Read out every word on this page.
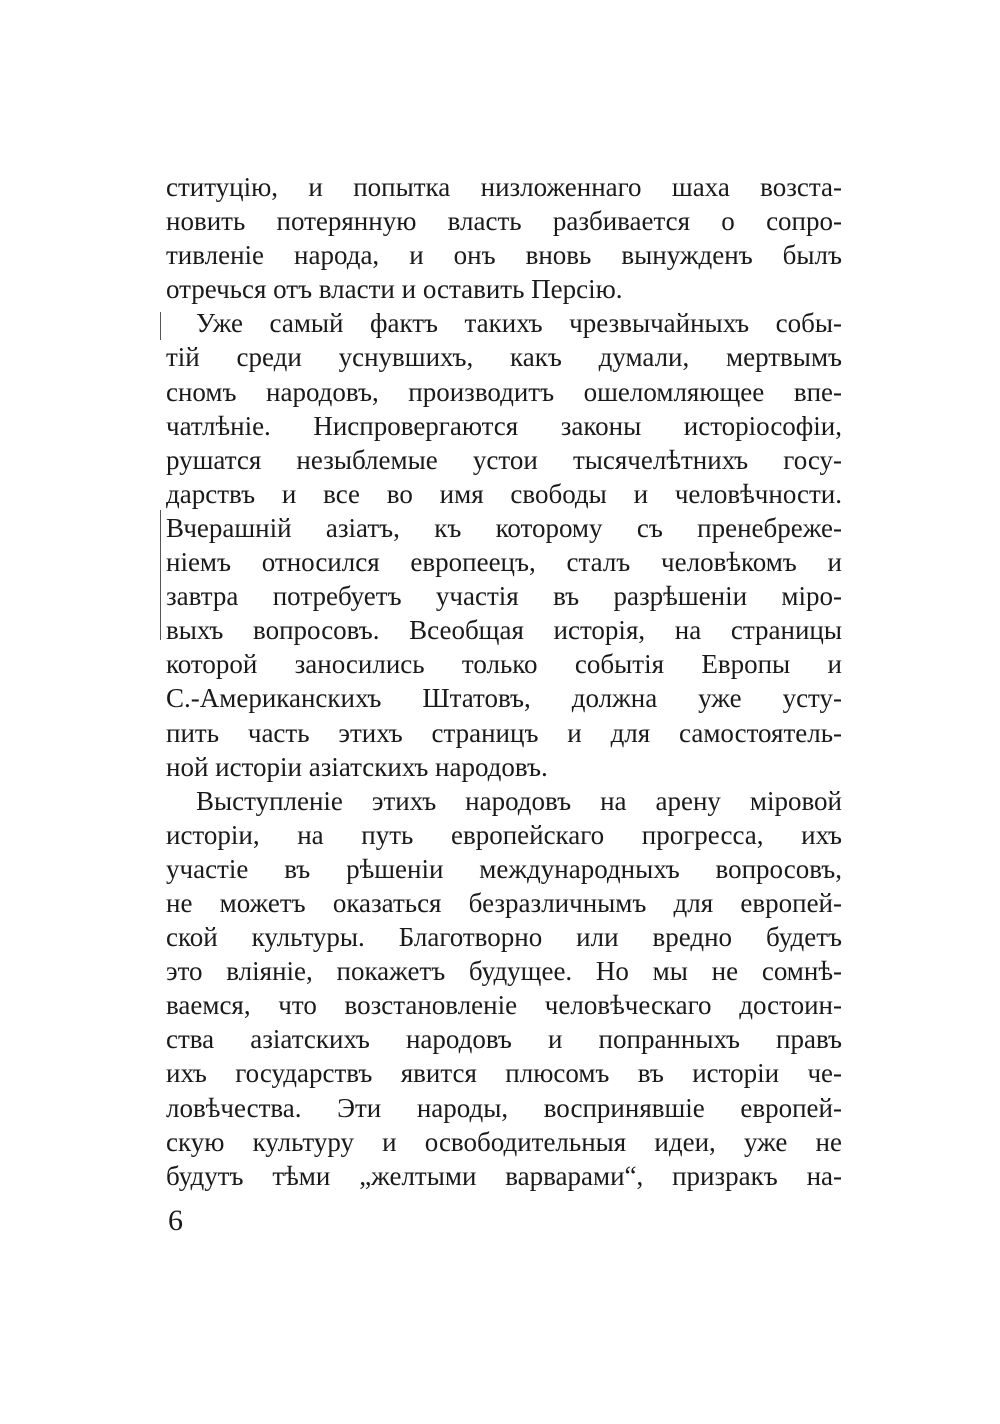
ституцію, и попытка низложеннаго шаха возста-
новить потерянную власть разбивается о сопро-
тивленіе народа, и онъ вновь вынужденъ былъ
отречься отъ власти и оставить Персію.
Уже самый фактъ такихъ чрезвычайныхъ собы-
тій среди уснувшихъ, какъ думали, мертвымъ
сномъ народовъ, производитъ ошеломляющее впе-
чатлѣніе. Ниспровергаются законы исторіософіи,
рушатся незыблемые устои тысячелѣтнихъ госу-
дарствъ и все во имя свободы и человѣчности.
Вчерашній азіатъ, къ которому съ пренебреже-
ніемъ относился европеецъ, сталъ человѣкомъ и
завтра потребуетъ участія въ разрѣшеніи міро-
выхъ вопросовъ. Всеобщая исторія, на страницы
которой заносились только событія Европы и
С.-Американскихъ Штатовъ, должна уже усту-
пить часть этихъ страницъ и для самостоятель-
ной исторіи азіатскихъ народовъ.
Выступленіе этихъ народовъ на арену міровой
исторіи, на путь европейскаго прогресса, ихъ
участіе въ рѣшеніи международныхъ вопросовъ,
не можетъ оказаться безразличнымъ для европей-
ской культуры. Благотворно или вредно будетъ
это вліяніе, покажетъ будущее. Но мы не сомнѣ-
ваемся, что возстановленіе человѣческаго достоин-
ства азіатскихъ народовъ и попранныхъ правъ
ихъ государствъ явится плюсомъ въ исторіи че-
ловѣчества. Эти народы, воспринявшіе европей-
скую культуру и освободительныя идеи, уже не
будутъ тѣми „желтыми варварами“, призракъ на-
6
